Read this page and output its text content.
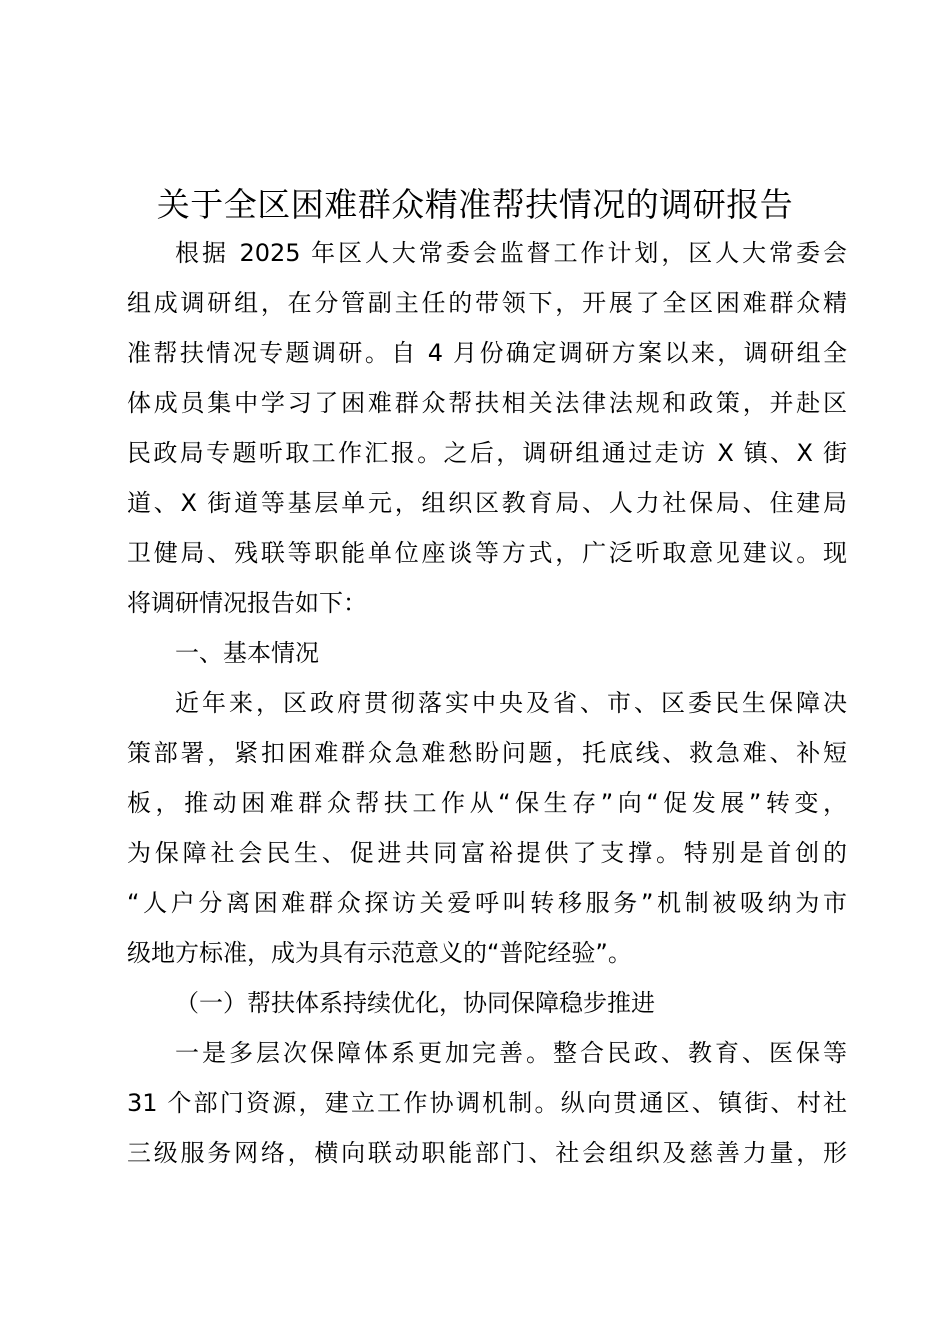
关于全区困难群众精准帮扶情况的调研报告
根据 2025 年区人大常委会监督工作计划，区人大常委会
组成调研组，在分管副主任的带领下，开展了全区困难群众精
准帮扶情况专题调研。自 4 月份确定调研方案以来，调研组全
体成员集中学习了困难群众帮扶相关法律法规和政策，并赴区
民政局专题听取工作汇报。之后，调研组通过走访 X 镇、X 街
道、X 街道等基层单元，组织区教育局、人力社保局、住建局
卫健局、残联等职能单位座谈等方式，广泛听取意见建议。现
将调研情况报告如下：
一、基本情况
近年来，区政府贯彻落实中央及省、市、区委民生保障决
策部署，紧扣困难群众急难愁盼问题，托底线、救急难、补短
板，推动困难群众帮扶工作从“保生存”向“促发展”转变，
为保障社会民生、促进共同富裕提供了支撑。特别是首创的
“人户分离困难群众探访关爱呼叫转移服务”机制被吸纳为市
级地方标准，成为具有示范意义的“普陀经验”。
（一）帮扶体系持续优化，协同保障稳步推进
一是多层次保障体系更加完善。整合民政、教育、医保等
31 个部门资源，建立工作协调机制。纵向贯通区、镇街、村社
三级服务网络，横向联动职能部门、社会组织及慈善力量，形
